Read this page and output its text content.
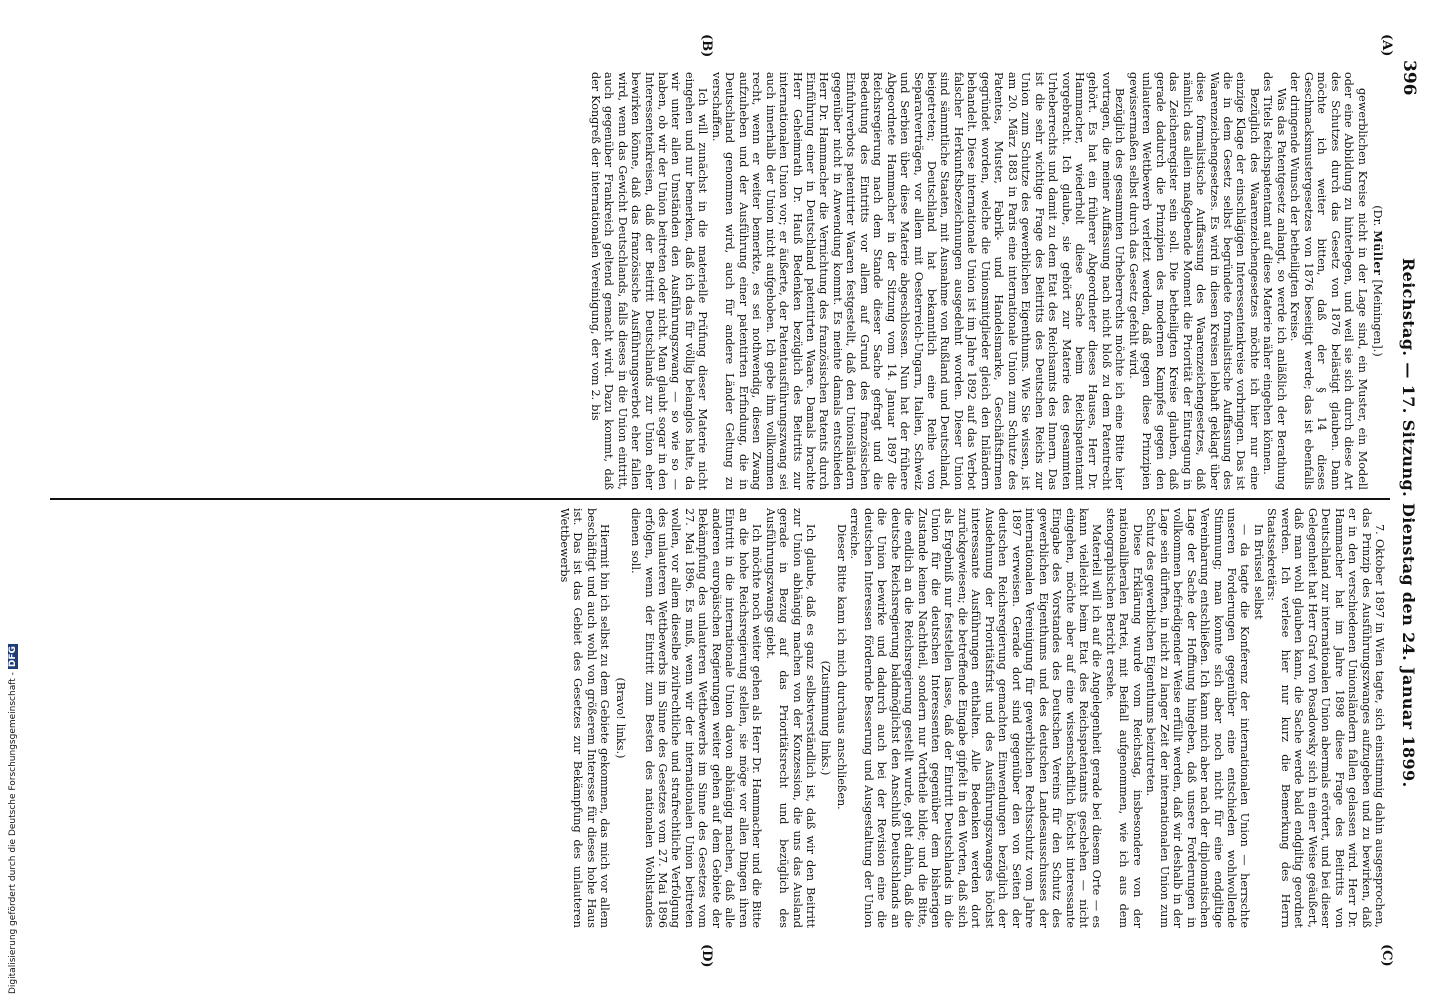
396
Reichstag. — 17. Sitzung. Dienstag den 24. Januar 1899.
(A)
(B)
(C)
(D)

(Dr. Müller [Meiningen].)

gewerblichen Kreise nicht in der Lage sind, ein Muster, ein Modell oder eine Abbildung zu hinterlegen, und weil sie sich durch diese Art des Schutzes durch das Gesetz von 1876 belästigt glauben. Dann möchte ich weiter bitten, daß der § 14 dieses Geschmacksmustergesetzes von 1876 beseitigt werde; das ist ebenfalls der dringende Wunsch der betheiligten Kreise.

Was das Patentgesetz anlangt, so werde ich anläßlich der Berathung des Titels Reichspatentamt auf diese Materie näher eingehen können.

Bezüglich des Waarenzeichengesetzes möchte ich hier nur eine einzige Klage der einschlägigen Interessentenkreise vorbringen. Das ist die in dem Gesetz selbst begründete formalistische Auffassung des Waarenzeichengesetzes. Es wird in diesen Kreisen lebhaft geklagt über diese formalistische Auffassung des Waarenzeichengesetzes, daß nämlich das allein maßgebende Moment die Priorität der Eintragung in das Zeichenregister sein soll. Die betheiligten Kreise glauben, daß gerade dadurch die Prinzipien des modernen Kampfes gegen den unlauteren Wettbewerb verletzt werden, daß gegen diese Prinzipien gewissermaßen selbst durch das Gesetz gefehlt wird.

Bezüglich des gesammten Urheberrechts möchte ich eine Bitte hier vortragen, die meiner Auffassung nach nicht bloß zu dem Patentrecht gehört. Es hat ein früherer Abgeordneter dieses Hauses, Herr Dr. Hammacher, wiederholt diese Sache beim Reichspatentamt vorgebracht. Ich glaube, sie gehört zur Materie des gesammten Urheberrechts und damit zu dem Etat des Reichsamts des Innern. Das ist die sehr wichtige Frage des Beitritts des Deutschen Reichs zur Union zum Schutze des gewerblichen Eigenthums. Wie Sie wissen, ist am 20. März 1883 in Paris eine internationale Union zum Schutze des Patentes, Muster, Fabrik- und Handelsmarke, Geschäftsfirmen gegründet worden, welche die Unionsmitglieder gleich den Inländern behandelt. Diese internationale Union ist im Jahre 1892 auf das Verbot falscher Herkunftsbezeichnungen ausgedehnt worden. Dieser Union sind sämmtliche Staaten, mit Ausnahme von Rußland und Deutschland, beigetreten; Deutschland hat bekanntlich eine Reihe von Separatverträgen, vor allem mit Oesterreich-Ungarn, Italien, Schweiz und Serbien über diese Materie abgeschlossen. Nun hat der frühere Abgeordnete Hammacher in der Sitzung vom 14. Januar 1897 die Reichsregierung nach dem Stande dieser Sache gefragt und die Bedeutung des Eintritts vor allem auf Grund des französischen Einfuhrverbots patentirter Waaren festgestellt, daß den Unionsländern gegenüber nicht in Anwendung kommt. Es meinte damals entschieden Herr Dr. Hammacher die Vernichtung des französischen Patents durch Einführung einer in Deutschland patentirten Waare. Damals brachte Herr Geheimrath Dr. Hauß Bedenken bezüglich des Beitritts zur internationalen Union vor; er äußerte, der Patentausführungszwang sei auch innerhalb der Union nicht aufgehoben. Ich gebe ihm vollkommen recht, wenn er weiter bemerkte, es sei nothwendig, diesen Zwang aufzuheben und der Ausführung einer patentirten Erfindung, die in Deutschland genommen wird, auch für andere Länder Geltung zu verschaffen.

Ich will zunächst in die materielle Prüfung dieser Materie nicht eingehen und nur bemerken, daß ich das für völlig belanglos halte, da wir unter allen Umständen den Ausführungszwang — so wie so — haben, ob wir der Union beitreten oder nicht. Man glaubt sogar in den Interessentenkreisen, daß der Beitritt Deutschlands zur Union eher bewirken könne, daß das französische Ausführungsverbot eher fallen wird, wenn das Gewicht Deutschlands, falls dieses in die Union eintritt, auch gegenüber Frankreich geltend gemacht wird. Dazu kommt, daß der Kongreß der internationalen Vereinigung, der vom 2. bis

7. Oktober 1897 in Wien tagte, sich einstimmig dahin ausgesprochen, das Prinzip des Ausführungszwanges aufzugeben und zu bewirken, daß er in den verschiedenen Unionsländern fallen gelassen wird. Herr Dr. Hammacher hat im Jahre 1898 diese Frage des Beitritts von Deutschland zur internationalen Union abermals erörtert, und bei dieser Gelegenheit hat Herr Graf von Posadowsky sich in einer Weise geäußert, daß man wohl glauben kann, die Sache werde bald endgiltig geordnet werden. Ich verlese hier nur kurz die Bemerkung des Herrn Staatssekretärs:

In Brüssel selbst

— da tagte die Konferenz der internationalen Union — herrschte unseren Forderungen gegenüber eine entschieden wohlwollende Stimmung; man konnte sich aber noch nicht für eine endgiltige Vereinbarung entschließen. Ich kann mich aber nach der diplomatischen Lage der Sache der Hoffnung hingeben, daß unsere Forderungen in vollkommen befriedigender Weise erfüllt werden, daß wir deshalb in der Lage sein dürften, in nicht zu langer Zeit der internationalen Union zum Schutz des gewerblichen Eigenthums beizutreten.

Diese Erklärung wurde vom Reichstag, insbesondere von der nationalliberalen Partei, mit Beifall aufgenommen, wie ich aus dem stenographischen Bericht ersehe.

Materiell will ich auf die Angelegenheit gerade bei diesem Orte — es kann vielleicht beim Etat des Reichspatentamts geschehen — nicht eingehen, möchte aber auf eine wissenschaftlich höchst interessante Eingabe des Vorstandes des Deutschen Vereins für den Schutz des gewerblichen Eigenthums und des deutschen Landesausschusses der internationalen Vereinigung für gewerblichen Rechtsschutz vom Jahre 1897 verweisen. Gerade dort sind gegenüber den von Seiten der deutschen Reichsregierung gemachten Einwendungen bezüglich der Ausdehnung der Prioritätsfrist und des Ausführungszwanges höchst interessante Ausführungen enthalten. Alle Bedenken werden dort zurückgewiesen; die betreffende Eingabe gipfelt in den Worten, daß sich als Ergebniß nur feststellen lasse, daß der Eintritt Deutschlands in die Union für die deutschen Interessenten gegenüber dem bisherigen Zustande keinen Nachtheil, sondern nur Vortheile bilde; und die Bitte, die endlich an die Reichsregierung gestellt wurde, geht dahin, daß die deutsche Reichsregierung baldmöglichst den Anschluß Deutschlands an die Union bewirke und dadurch auch bei der Revision eine die deutschen Interessen fördernde Besserung und Ausgestaltung der Union erreiche.

Dieser Bitte kann ich mich durchaus anschließen.

(Zustimmung links.)

Ich glaube, daß es ganz selbstverständlich ist, daß wir den Beitritt zur Union abhängig machen von der Konzession, die uns das Ausland gerade in Bezug auf das Prioritätsrecht und bezüglich des Ausführungszwangs giebt.

Ich möchte noch weiter gehen als Herr Dr. Hammacher und die Bitte an die hohe Reichsregierung stellen, sie möge vor allen Dingen ihren Eintritt in die internationale Union davon abhängig machen, daß alle anderen europäischen Regierungen weiter gehen auf dem Gebiete der Bekämpfung des unlauteren Wettbewerbs im Sinne des Gesetzes vom 27. Mai 1896. Es muß, wenn wir der internationalen Union beitreten wollen, vor allem dieselbe zivilrechtliche und strafrechtliche Verfolgung des unlauteren Wettbewerbs im Sinne des Gesetzes vom 27. Mai 1896 erfolgen, wenn der Eintritt zum Besten des nationalen Wohlstandes dienen soll.

(Bravo! links.)

Hiermit bin ich selbst zu dem Gebiete gekommen, das mich vor allem beschäftigt und auch wohl von größerem Interesse für dieses hohe Haus ist. Das ist das Gebiet des Gesetzes zur Bekämpfung des unlauteren Wettbewerbs

Digitalisierung gefördert durch die Deutsche Forschungsgemeinschaft -DFG
